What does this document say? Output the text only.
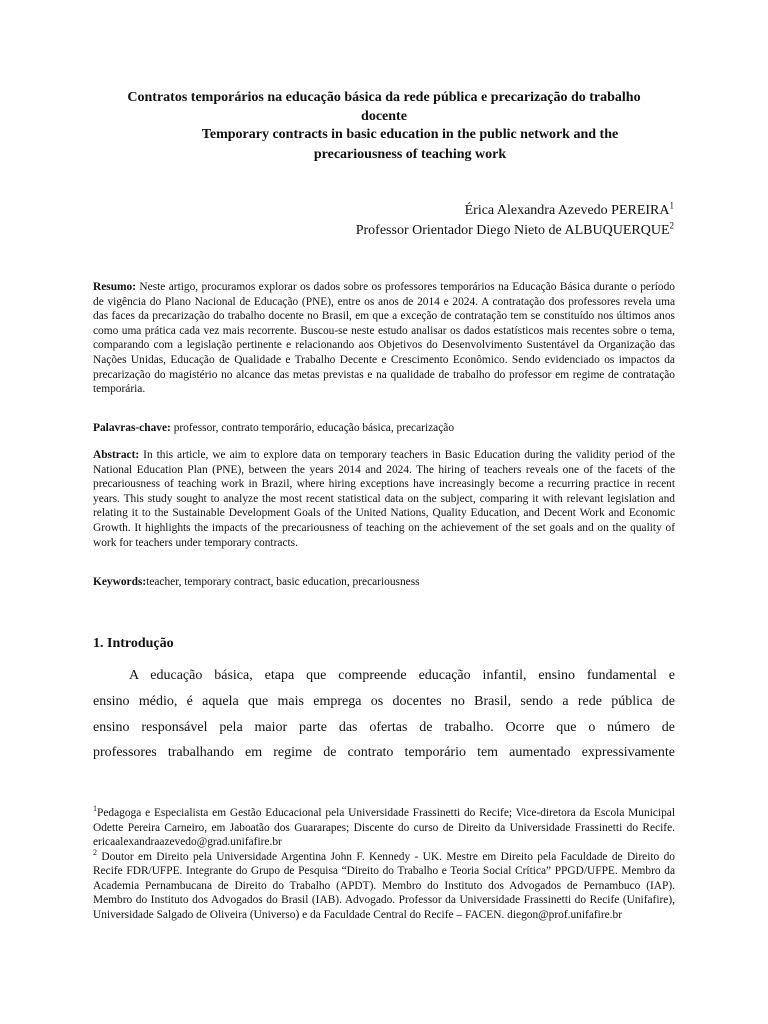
Contratos temporários na educação básica da rede pública e precarização do trabalho
docente
Temporary contracts in basic education in the public network and the
precariousness of teaching work
Érica Alexandra Azevedo PEREIRA$^1$
Professor Orientador Diego Nieto de ALBUQUERQUE$^2$
Resumo: Neste artigo, procuramos explorar os dados sobre os professores temporários na Educação Básica durante o período de vigência do Plano Nacional de Educação (PNE), entre os anos de 2014 e 2024. A contratação dos professores revela uma das faces da precarização do trabalho docente no Brasil, em que a exceção de contratação tem se constituído nos últimos anos como uma prática cada vez mais recorrente. Buscou-se neste estudo analisar os dados estatísticos mais recentes sobre o tema, comparando com a legislação pertinente e relacionando aos Objetivos do Desenvolvimento Sustentável da Organização das Nações Unidas, Educação de Qualidade e Trabalho Decente e Crescimento Econômico. Sendo evidenciado os impactos da precarização do magistério no alcance das metas previstas e na qualidade de trabalho do professor em regime de contratação temporária.
Palavras-chave: professor, contrato temporário, educação básica, precarização
Abstract: In this article, we aim to explore data on temporary teachers in Basic Education during the validity period of the National Education Plan (PNE), between the years 2014 and 2024. The hiring of teachers reveals one of the facets of the precariousness of teaching work in Brazil, where hiring exceptions have increasingly become a recurring practice in recent years. This study sought to analyze the most recent statistical data on the subject, comparing it with relevant legislation and relating it to the Sustainable Development Goals of the United Nations, Quality Education, and Decent Work and Economic Growth. It highlights the impacts of the precariousness of teaching on the achievement of the set goals and on the quality of work for teachers under temporary contracts.
Keywords:teacher, temporary contract, basic education, precariousness
1. Introdução
A educação básica, etapa que compreende educação infantil, ensino fundamental e
ensino médio, é aquela que mais emprega os docentes no Brasil, sendo a rede pública de
ensino responsável pela maior parte das ofertas de trabalho. Ocorre que o número de
professores trabalhando em regime de contrato temporário tem aumentado expressivamente
$^1$Pedagoga e Especialista em Gestão Educacional pela Universidade Frassinetti do Recife; Vice-diretora da Escola Municipal Odette Pereira Carneiro, em Jaboatão dos Guararapes; Discente do curso de Direito da Universidade Frassinetti do Recife. ericaalexandraazevedo@grad.unifafire.br
$^2$ Doutor em Direito pela Universidade Argentina John F. Kennedy - UK. Mestre em Direito pela Faculdade de Direito do Recife FDR/UFPE. Integrante do Grupo de Pesquisa “Direito do Trabalho e Teoria Social Crítica” PPGD/UFPE. Membro da Academia Pernambucana de Direito do Trabalho (APDT). Membro do Instituto dos Advogados de Pernambuco (IAP). Membro do Instituto dos Advogados do Brasil (IAB). Advogado. Professor da Universidade Frassinetti do Recife (Unifafire), Universidade Salgado de Oliveira (Universo) e da Faculdade Central do Recife – FACEN. diegon@prof.unifafire.br
